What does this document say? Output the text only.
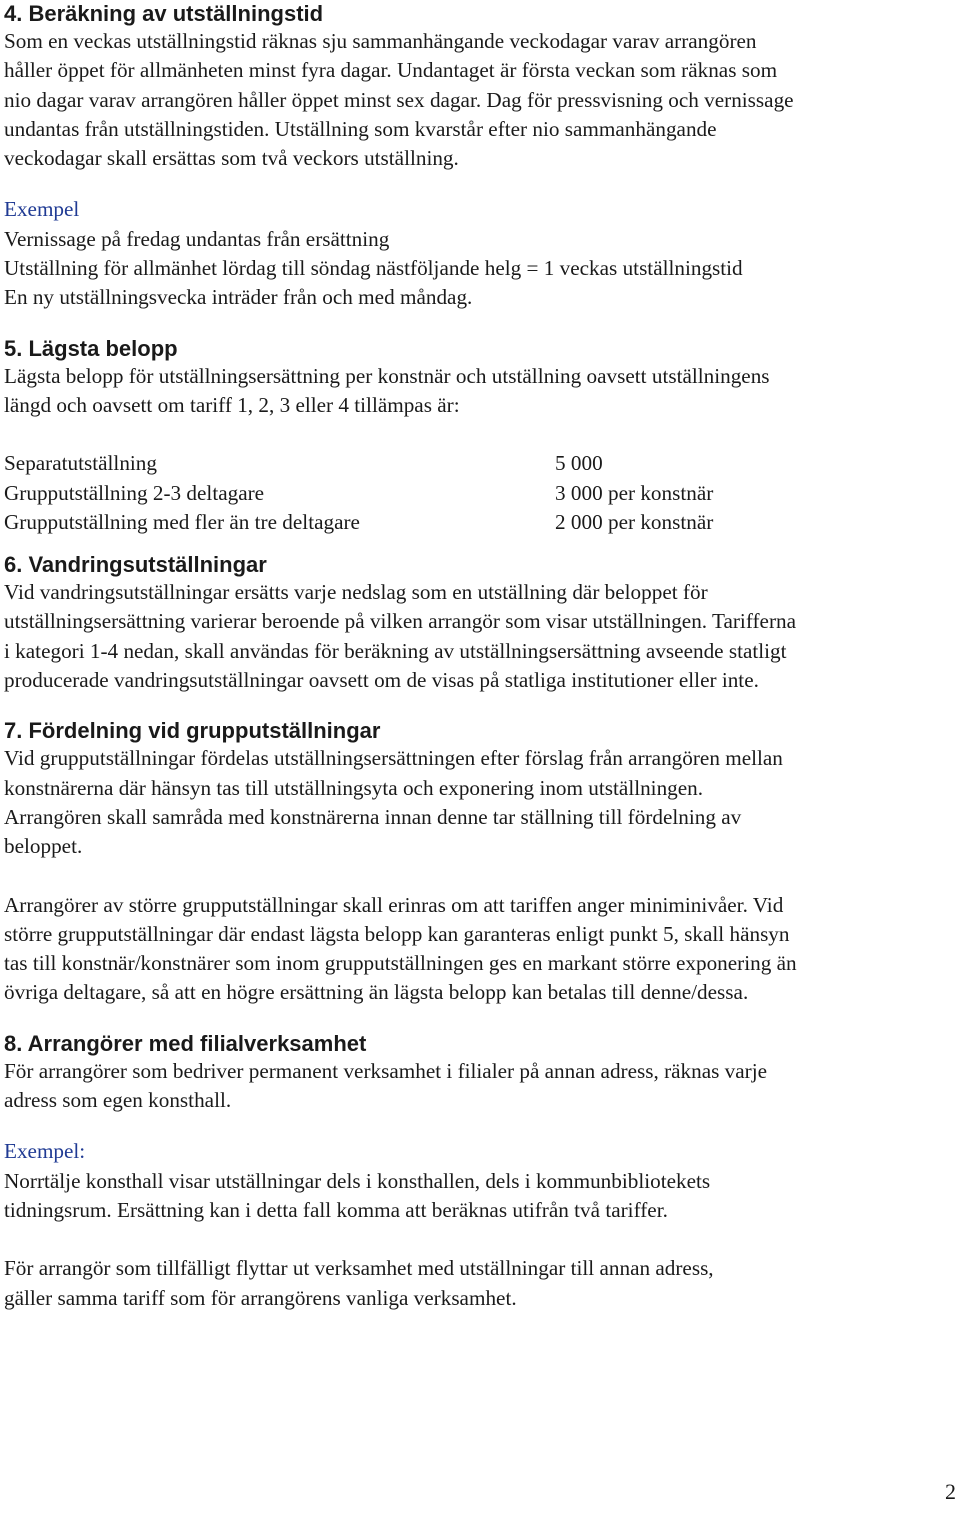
4. Beräkning av utställningstid

Som en veckas utställningstid räknas sju sammanhängande veckodagar varav arrangören

håller öppet för allmänheten minst fyra dagar. Undantaget är första veckan som räknas som

nio dagar varav arrangören håller öppet minst sex dagar. Dag för pressvisning och vernissage

undantas från utställningstiden. Utställning som kvarstår efter nio sammanhängande

veckodagar skall ersättas som två veckors utställning.

Exempel

Vernissage på fredag undantas från ersättning

Utställning för allmänhet lördag till söndag nästföljande helg = 1 veckas utställningstid

En ny utställningsvecka inträder från och med måndag.

5. Lägsta belopp

Lägsta belopp för utställningsersättning per konstnär och utställning oavsett utställningens

längd och oavsett om tariff 1, 2, 3 eller 4 tillämpas är:

Separatutställning	5 000
Grupputställning 2-3 deltagare	3 000 per konstnär
Grupputställning med fler än tre deltagare	2 000 per konstnär
6. Vandringsutställningar

Vid vandringsutställningar ersätts varje nedslag som en utställning där beloppet för

utställningsersättning varierar beroende på vilken arrangör som visar utställningen. Tarifferna

i kategori 1-4 nedan, skall användas för beräkning av utställningsersättning avseende statligt

producerade vandringsutställningar oavsett om de visas på statliga institutioner eller inte.

7. Fördelning vid grupputställningar

Vid grupputställningar fördelas utställningsersättningen efter förslag från arrangören mellan

konstnärerna där hänsyn tas till utställningsyta och exponering inom utställningen.

Arrangören skall samråda med konstnärerna innan denne tar ställning till fördelning av

beloppet.

Arrangörer av större grupputställningar skall erinras om att tariffen anger miniminivåer. Vid

större grupputställningar där endast lägsta belopp kan garanteras enligt punkt 5, skall hänsyn

tas till konstnär/konstnärer som inom grupputställningen ges en markant större exponering än

övriga deltagare, så att en högre ersättning än lägsta belopp kan betalas till denne/dessa.

8. Arrangörer med filialverksamhet

För arrangörer som bedriver permanent verksamhet i filialer på annan adress, räknas varje

adress som egen konsthall.

Exempel:

Norrtälje konsthall visar utställningar dels i konsthallen, dels i kommunbibliotekets

tidningsrum. Ersättning kan i detta fall komma att beräknas utifrån två tariffer.

För arrangör som tillfälligt flyttar ut verksamhet med utställningar till annan adress,

gäller samma tariff som för arrangörens vanliga verksamhet.

2
